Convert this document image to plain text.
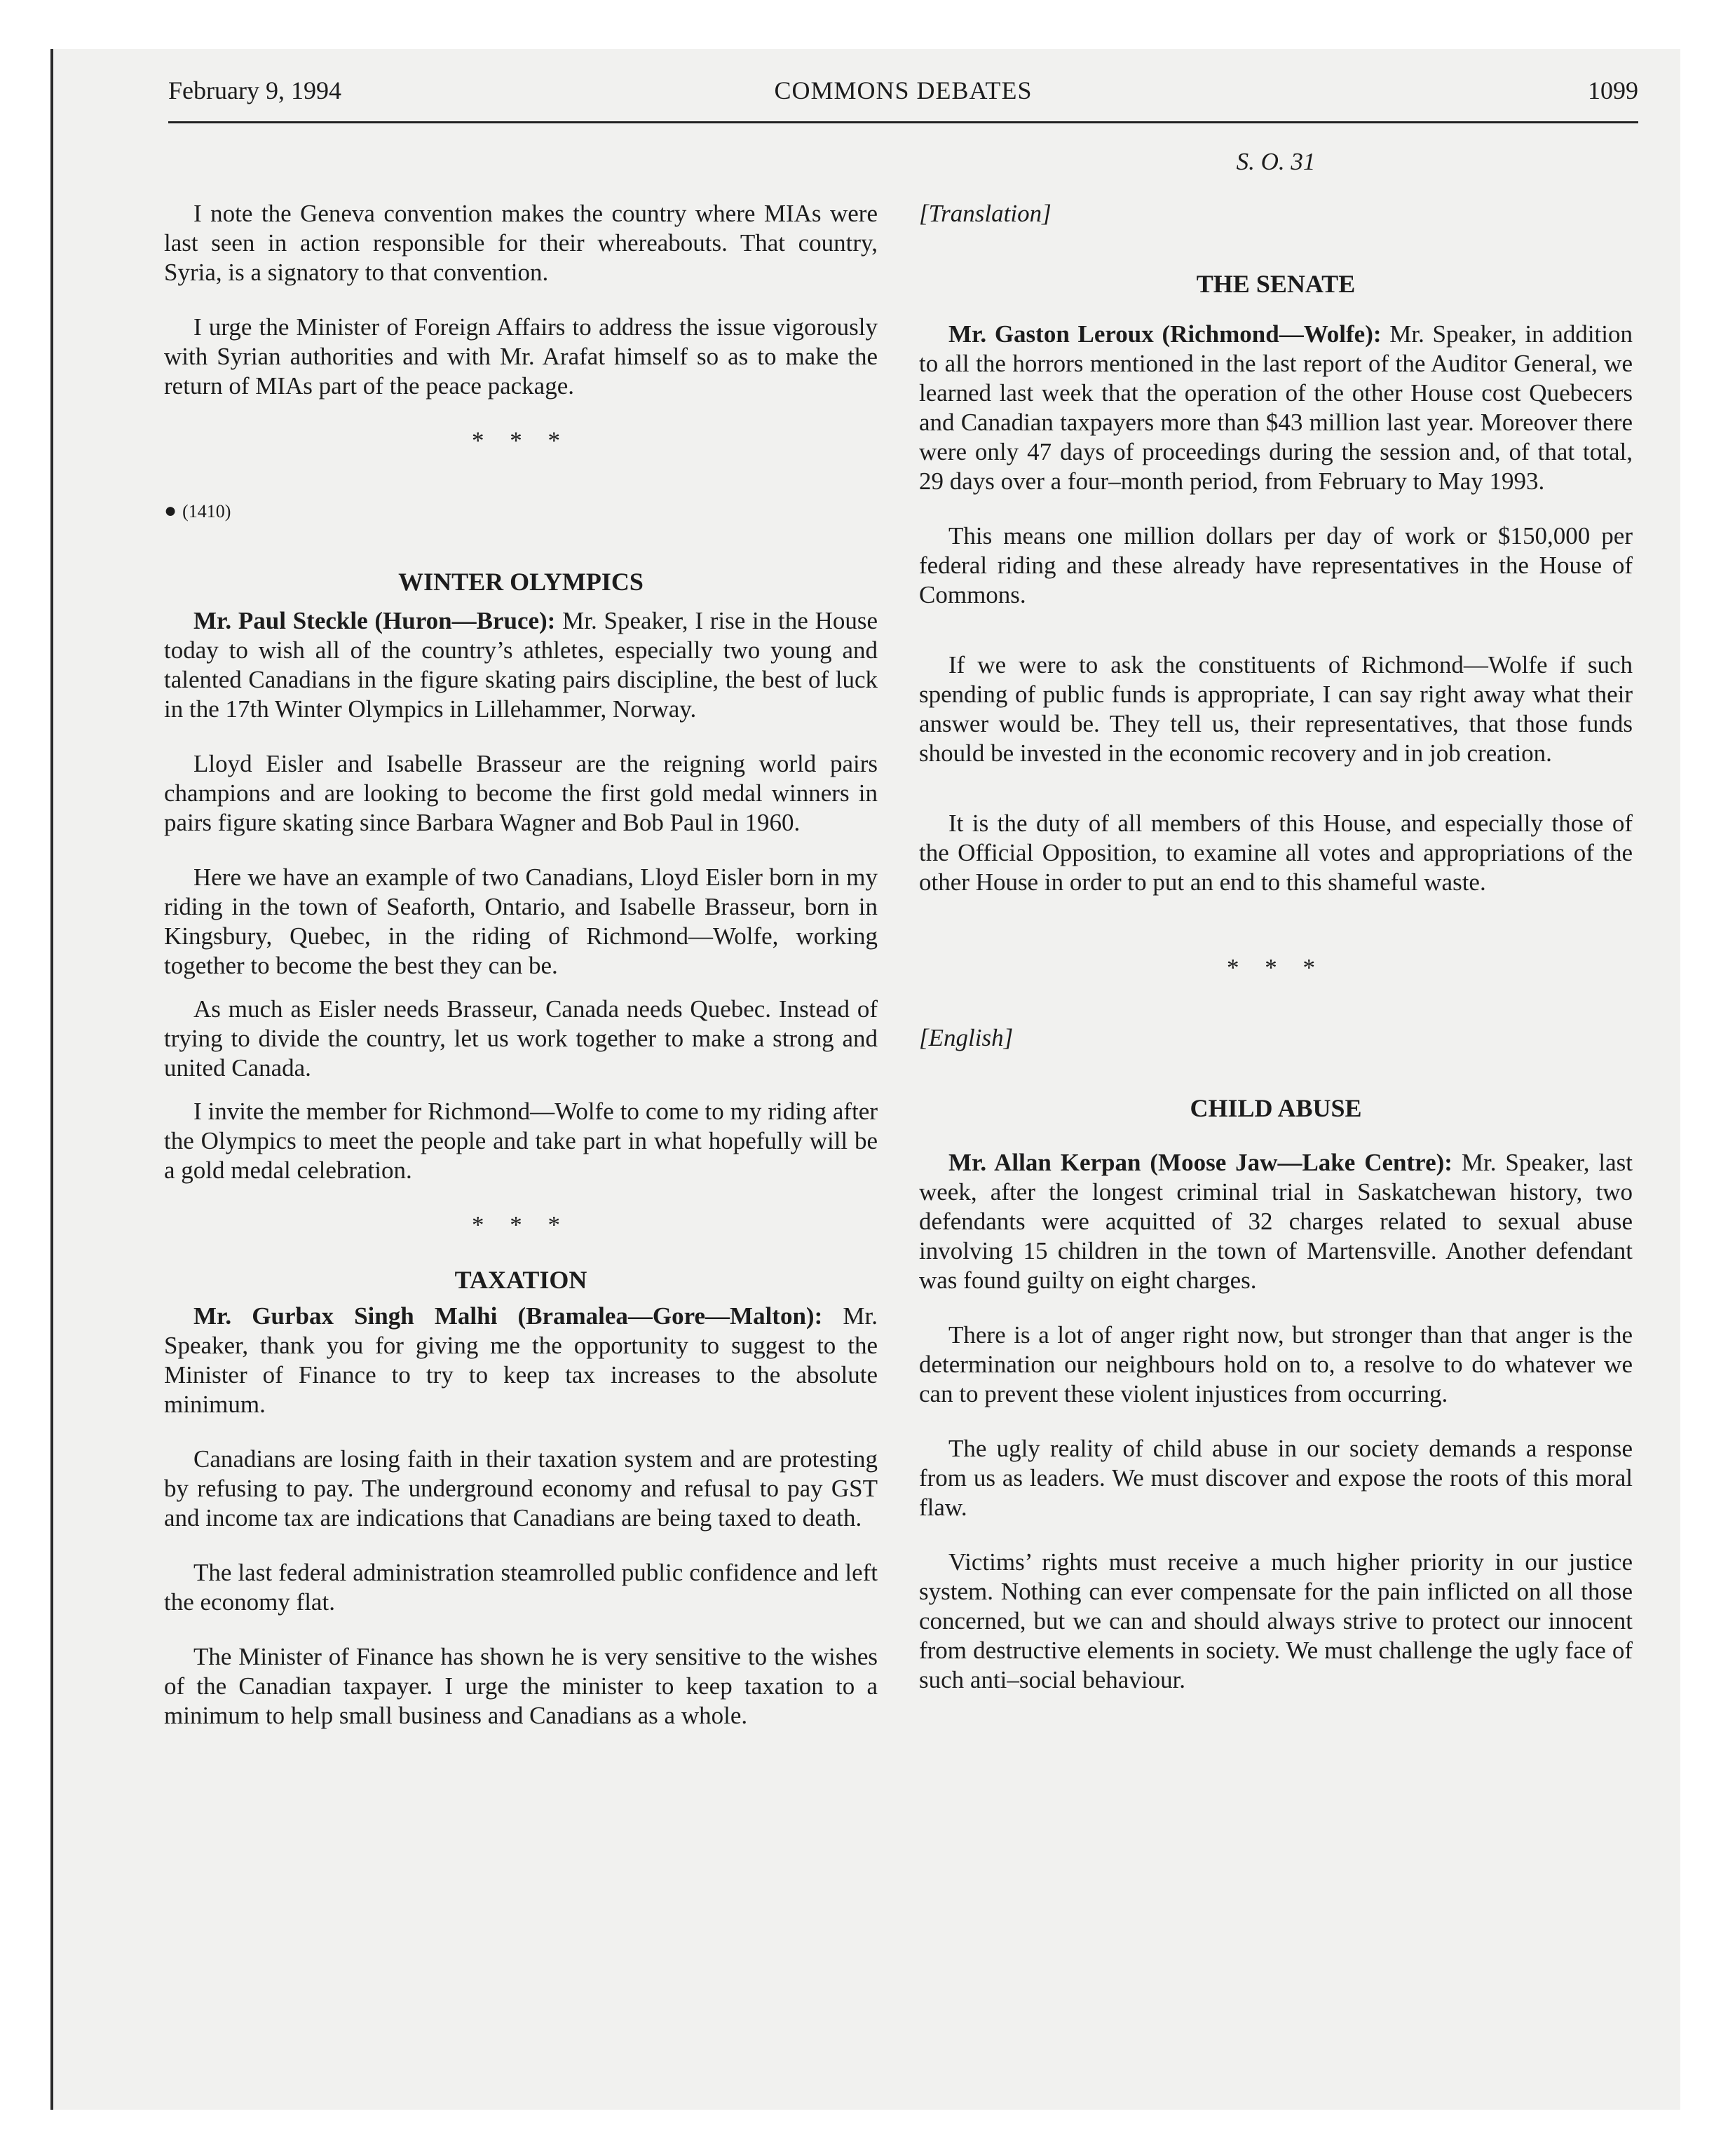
February 9, 1994	COMMONS DEBATES	1099

I note the Geneva convention makes the country where MIAs were last seen in action responsible for their whereabouts. That country, Syria, is a signatory to that convention.

I urge the Minister of Foreign Affairs to address the issue vigorously with Syrian authorities and with Mr. Arafat himself so as to make the return of MIAs part of the peace package.

* * *

● (1410)

WINTER OLYMPICS

Mr. Paul Steckle (Huron—Bruce): Mr. Speaker, I rise in the House today to wish all of the country’s athletes, especially two young and talented Canadians in the figure skating pairs discipline, the best of luck in the 17th Winter Olympics in Lillehammer, Norway.

Lloyd Eisler and Isabelle Brasseur are the reigning world pairs champions and are looking to become the first gold medal winners in pairs figure skating since Barbara Wagner and Bob Paul in 1960.

Here we have an example of two Canadians, Lloyd Eisler born in my riding in the town of Seaforth, Ontario, and Isabelle Brasseur, born in Kingsbury, Quebec, in the riding of Richmond—Wolfe, working together to become the best they can be.

As much as Eisler needs Brasseur, Canada needs Quebec. Instead of trying to divide the country, let us work together to make a strong and united Canada.

I invite the member for Richmond—Wolfe to come to my riding after the Olympics to meet the people and take part in what hopefully will be a gold medal celebration.

* * *

TAXATION

Mr. Gurbax Singh Malhi (Bramalea—Gore—Malton): Mr. Speaker, thank you for giving me the opportunity to suggest to the Minister of Finance to try to keep tax increases to the absolute minimum.

Canadians are losing faith in their taxation system and are protesting by refusing to pay. The underground economy and refusal to pay GST and income tax are indications that Canadians are being taxed to death.

The last federal administration steamrolled public confidence and left the economy flat.

The Minister of Finance has shown he is very sensitive to the wishes of the Canadian taxpayer. I urge the minister to keep taxation to a minimum to help small business and Canadians as a whole.

S. O. 31

[Translation]

THE SENATE

Mr. Gaston Leroux (Richmond—Wolfe): Mr. Speaker, in addition to all the horrors mentioned in the last report of the Auditor General, we learned last week that the operation of the other House cost Quebecers and Canadian taxpayers more than $43 million last year. Moreover there were only 47 days of proceedings during the session and, of that total, 29 days over a four–month period, from February to May 1993.

This means one million dollars per day of work or $150,000 per federal riding and these already have representatives in the House of Commons.

If we were to ask the constituents of Richmond—Wolfe if such spending of public funds is appropriate, I can say right away what their answer would be. They tell us, their representatives, that those funds should be invested in the economic recovery and in job creation.

It is the duty of all members of this House, and especially those of the Official Opposition, to examine all votes and appropriations of the other House in order to put an end to this shameful waste.

* * *

[English]

CHILD ABUSE

Mr. Allan Kerpan (Moose Jaw—Lake Centre): Mr. Speaker, last week, after the longest criminal trial in Saskatchewan history, two defendants were acquitted of 32 charges related to sexual abuse involving 15 children in the town of Martensville. Another defendant was found guilty on eight charges.

There is a lot of anger right now, but stronger than that anger is the determination our neighbours hold on to, a resolve to do whatever we can to prevent these violent injustices from occurring.

The ugly reality of child abuse in our society demands a response from us as leaders. We must discover and expose the roots of this moral flaw.

Victims’ rights must receive a much higher priority in our justice system. Nothing can ever compensate for the pain inflicted on all those concerned, but we can and should always strive to protect our innocent from destructive elements in society. We must challenge the ugly face of such anti–social behaviour.
